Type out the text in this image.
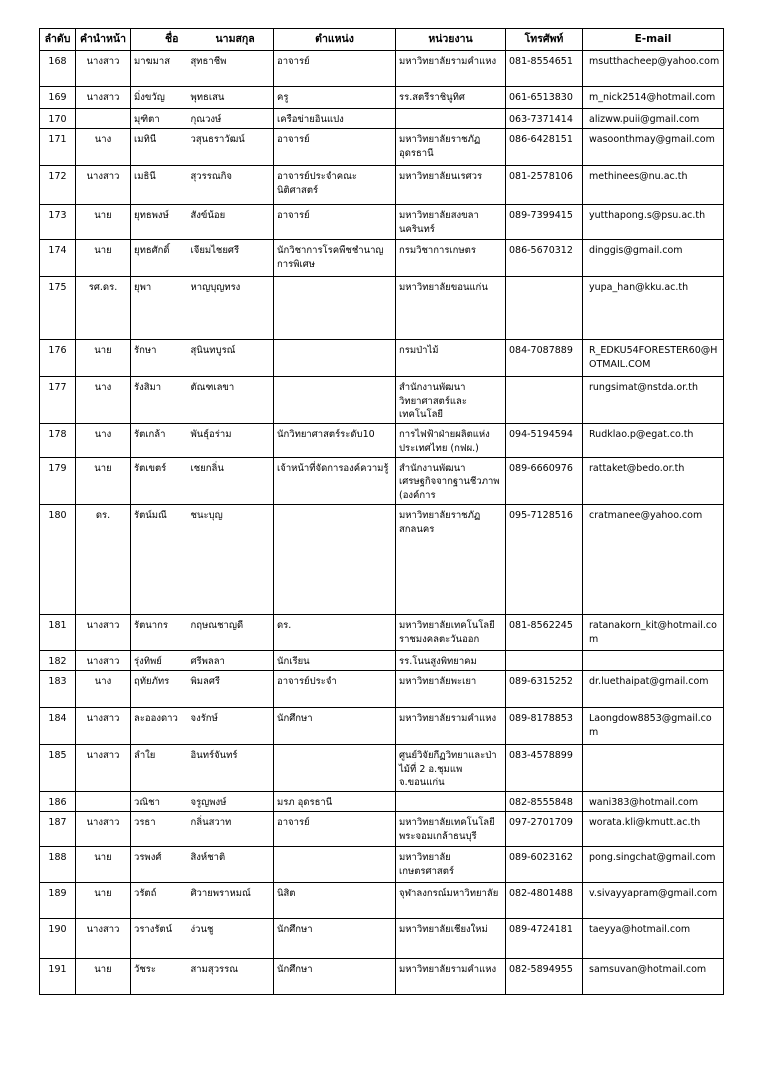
ลำดับ	คำนำหน้า	ชื่อ	นามสกุล	ตำแหน่ง	หน่วยงาน	โทรศัพท์	E-mail
168	นางสาว	มาฆมาส	สุทธาชีพ	อาจารย์	มหาวิทยาลัยรามคำแหง	081-8554651	msutthacheep@yahoo.com
169	นางสาว	มิ่งขวัญ	พุทธเสน	ครู	รร.สตรีราชินูทิศ	061-6513830	m_nick2514@hotmail.com
170		มุฑิตา	กุณวงษ์	เครือข่ายอินแปง		063-7371414	alizww.puii@gmail.com
171	นาง	เมทินี	วสุนธราวัฒน์	อาจารย์	มหาวิทยาลัยราชภัฏอุดรธานี	086-6428151	wasoonthmay@gmail.com
172	นางสาว	เมธินี	สุวรรณกิจ	อาจารย์ประจำคณะนิติศาสตร์	มหาวิทยาลัยนเรศวร	081-2578106	methinees@nu.ac.th
173	นาย	ยุทธพงษ์	สังข์น้อย	อาจารย์	มหาวิทยาลัยสงขลานครินทร์	089-7399415	yutthapong.s@psu.ac.th
174	นาย	ยุทธศักดิ์	เจียมไชยศรี	นักวิชาการโรคพืชชำนาญการพิเศษ	กรมวิชาการเกษตร	086-5670312	dinggis@gmail.com
175	รศ.ดร.	ยุพา	หาญบุญทรง		มหาวิทยาลัยขอนแก่น		yupa_han@kku.ac.th
176	นาย	รักษา	สุนินทบูรณ์		กรมป่าไม้	084-7087889	R_EDKU54FORESTER60@HOTMAIL.COM
177	นาง	รังสิมา	ตัณฑเลขา		สำนักงานพัฒนาวิทยาศาสตร์และเทคโนโลยี		rungsimat@nstda.or.th
178	นาง	รัตเกล้า	พันธุ์อร่าม	นักวิทยาศาสตร์ระดับ10	การไฟฟ้าฝ่ายผลิตแห่งประเทศไทย (กฟผ.)	094-5194594	Rudklao.p@egat.co.th
179	นาย	รัตเขตร์	เชยกลิ่น	เจ้าหน้าที่จัดการองค์ความรู้	สำนักงานพัฒนาเศรษฐกิจจากฐานชีวภาพ (องค์การ	089-6660976	rattaket@bedo.or.th
180	ดร.	รัตน์มณี	ชนะบุญ		มหาวิทยาลัยราชภัฏสกลนคร	095-7128516	cratmanee@yahoo.com
181	นางสาว	รัตนากร	กฤษณชาญดี	ดร.	มหาวิทยาลัยเทคโนโลยีราชมงคลตะวันออก	081-8562245	ratanakorn_kit@hotmail.com
182	นางสาว	รุ่งทิพย์	ศรีพลลา	นักเรียน	รร.โนนสูงพิทยาคม		
183	นาง	ฤทัยภัทร	พิมลศรี	อาจารย์ประจำ	มหาวิทยาลัยพะเยา	089-6315252	dr.luethaipat@gmail.com
184	นางสาว	ละอองดาว	จงรักษ์	นักศึกษา	มหาวิทยาลัยรามคำแหง	089-8178853	Laongdow8853@gmail.com
185	นางสาว	ลำใย	อินทร์จันทร์		ศูนย์วิจัยกีฏวิทยาและป่าไม้ที่ 2 อ.ชุมแพ จ.ขอนแก่น	083-4578899	
186		วณิชา	จรูญพงษ์	มรภ อุดรธานี		082-8555848	wani383@hotmail.com
187	นางสาว	วรธา	กลิ่นสวาท	อาจารย์	มหาวิทยาลัยเทคโนโลยีพระจอมเกล้าธนบุรี	097-2701709	worata.kli@kmutt.ac.th
188	นาย	วรพงศ์	สิงห์ชาติ		มหาวิทยาลัยเกษตรศาสตร์	089-6023162	pong.singchat@gmail.com
189	นาย	วรัตถ์	ศิวายพราหมณ์	นิสิต	จุฬาลงกรณ์มหาวิทยาลัย	082-4801488	v.sivayyapram@gmail.com
190	นางสาว	วรางรัตน์	ง่วนชู	นักศึกษา	มหาวิทยาลัยเชียงใหม่	089-4724181	taeyya@hotmail.com
191	นาย	วัชระ	สามสุวรรณ	นักศึกษา	มหาวิทยาลัยรามคำแหง	082-5894955	samsuvan@hotmail.com
